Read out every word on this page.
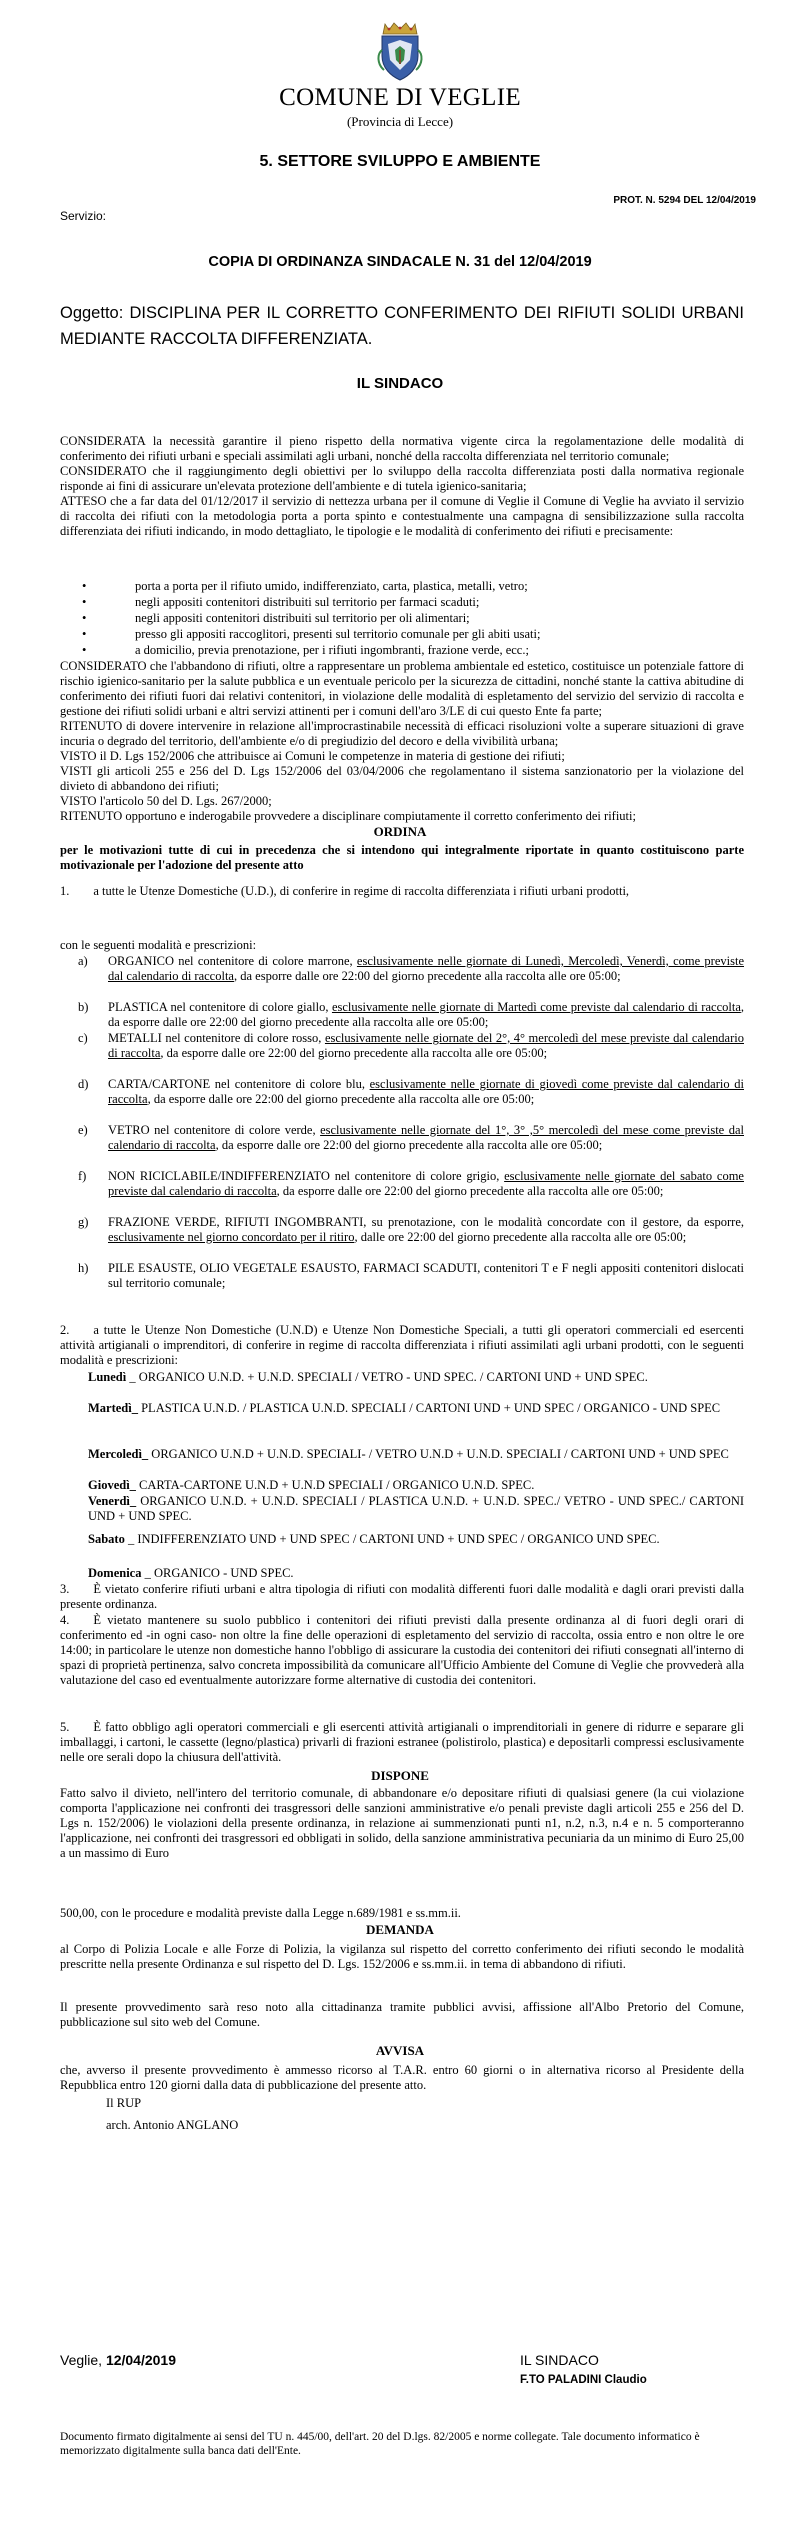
COMUNE DI VEGLIE
(Provincia di Lecce)
5. SETTORE SVILUPPO E AMBIENTE
PROT. N. 5294 DEL 12/04/2019
Servizio:
COPIA DI ORDINANZA SINDACALE N. 31 del 12/04/2019
Oggetto: DISCIPLINA PER IL CORRETTO CONFERIMENTO DEI RIFIUTI SOLIDI URBANI MEDIANTE RACCOLTA DIFFERENZIATA.
IL SINDACO

CONSIDERATA la necessità garantire il pieno rispetto della normativa vigente circa la regolamentazione delle modalità di conferimento dei rifiuti urbani e speciali assimilati agli urbani, nonché della raccolta differenziata nel territorio comunale;

CONSIDERATO che il raggiungimento degli obiettivi per lo sviluppo della raccolta differenziata posti dalla normativa regionale risponde ai fini di assicurare un'elevata protezione dell'ambiente e di tutela igienico-sanitaria;

ATTESO che a far data del 01/12/2017 il servizio di nettezza urbana per il comune di Veglie il Comune di Veglie ha avviato il servizio di raccolta dei rifiuti con la metodologia porta a porta spinto e contestualmente una campagna di sensibilizzazione sulla raccolta differenziata dei rifiuti indicando, in modo dettagliato, le tipologie e le modalità di conferimento dei rifiuti e precisamente:

•	porta a porta per il rifiuto umido, indifferenziato, carta, plastica, metalli, vetro;
•	negli appositi contenitori distribuiti sul territorio per farmaci scaduti;
•	negli appositi contenitori distribuiti sul territorio per oli alimentari;
•	presso gli appositi raccoglitori, presenti sul territorio comunale per gli abiti usati;
•	a domicilio, previa prenotazione, per i rifiuti ingombranti, frazione verde, ecc.;

CONSIDERATO che l'abbandono di rifiuti, oltre a rappresentare un problema ambientale ed estetico, costituisce un potenziale fattore di rischio igienico-sanitario per la salute pubblica e un eventuale pericolo per la sicurezza de cittadini, nonché stante la cattiva abitudine di conferimento dei rifiuti fuori dai relativi contenitori, in violazione delle modalità di espletamento del servizio del servizio di raccolta e gestione dei rifiuti solidi urbani e altri servizi attinenti per i comuni dell'aro 3/LE di cui questo Ente fa parte;

RITENUTO di dovere intervenire in relazione all'improcrastinabile necessità di efficaci risoluzioni volte a superare situazioni di grave incuria o degrado del territorio, dell'ambiente e/o di pregiudizio del decoro e della vivibilità urbana;

VISTO il D. Lgs 152/2006 che attribuisce ai Comuni le competenze in materia di gestione dei rifiuti;

VISTI gli articoli 255 e 256 del D. Lgs 152/2006 del 03/04/2006 che regolamentano il sistema sanzionatorio per la violazione del divieto di abbandono dei rifiuti;

VISTO l'articolo 50 del D. Lgs. 267/2000;

RITENUTO opportuno e inderogabile provvedere a disciplinare compiutamente il corretto conferimento dei rifiuti;

ORDINA
per le motivazioni tutte di cui in precedenza che si intendono qui integralmente riportate in quanto costituiscono parte motivazionale per l'adozione del presente atto
1. a tutte le Utenze Domestiche (U.D.), di conferire in regime di raccolta differenziata i rifiuti urbani prodotti,
con le seguenti modalità e prescrizioni:
a) ORGANICO nel contenitore di colore marrone, esclusivamente nelle giornate di Lunedì, Mercoledì, Venerdì, come previste dal calendario di raccolta, da esporre dalle ore 22:00 del giorno precedente alla raccolta alle ore 05:00;
b) PLASTICA nel contenitore di colore giallo, esclusivamente nelle giornate di Martedì come previste dal calendario di raccolta, da esporre dalle ore 22:00 del giorno precedente alla raccolta alle ore 05:00;
c) METALLI nel contenitore di colore rosso, esclusivamente nelle giornate del 2°, 4° mercoledì del mese previste dal calendario di raccolta, da esporre dalle ore 22:00 del giorno precedente alla raccolta alle ore 05:00;
d) CARTA/CARTONE nel contenitore di colore blu, esclusivamente nelle giornate di giovedì come previste dal calendario di raccolta, da esporre dalle ore 22:00 del giorno precedente alla raccolta alle ore 05:00;
e) VETRO nel contenitore di colore verde, esclusivamente nelle giornate del 1°, 3° ,5° mercoledì del mese come previste dal calendario di raccolta, da esporre dalle ore 22:00 del giorno precedente alla raccolta alle ore 05:00;
f) NON RICICLABILE/INDIFFERENZIATO nel contenitore di colore grigio, esclusivamente nelle giornate del sabato come previste dal calendario di raccolta, da esporre dalle ore 22:00 del giorno precedente alla raccolta alle ore 05:00;
g) FRAZIONE VERDE, RIFIUTI INGOMBRANTI, su prenotazione, con le modalità concordate con il gestore, da esporre, esclusivamente nel giorno concordato per il ritiro, dalle ore 22:00 del giorno precedente alla raccolta alle ore 05:00;
h) PILE ESAUSTE, OLIO VEGETALE ESAUSTO, FARMACI SCADUTI, contenitori T e F negli appositi contenitori dislocati sul territorio comunale;
2. a tutte le Utenze Non Domestiche (U.N.D) e Utenze Non Domestiche Speciali, a tutti gli operatori commerciali ed esercenti attività artigianali o imprenditori, di conferire in regime di raccolta differenziata i rifiuti assimilati agli urbani prodotti, con le seguenti modalità e prescrizioni:
Lunedì _ ORGANICO U.N.D. + U.N.D. SPECIALI / VETRO - UND SPEC. / CARTONI UND + UND SPEC.
Martedì_ PLASTICA U.N.D. / PLASTICA U.N.D. SPECIALI / CARTONI UND + UND SPEC / ORGANICO - UND SPEC
Mercoledì_ ORGANICO U.N.D + U.N.D. SPECIALI- / VETRO U.N.D + U.N.D. SPECIALI / CARTONI UND + UND SPEC
Giovedì_ CARTA-CARTONE U.N.D + U.N.D SPECIALI / ORGANICO U.N.D. SPEC.
Venerdì_ ORGANICO U.N.D. + U.N.D. SPECIALI / PLASTICA U.N.D. + U.N.D. SPEC./ VETRO - UND SPEC./ CARTONI UND + UND SPEC.
Sabato _ INDIFFERENZIATO UND + UND SPEC / CARTONI UND + UND SPEC / ORGANICO UND SPEC.
Domenica _ ORGANICO - UND SPEC.
3. È vietato conferire rifiuti urbani e altra tipologia di rifiuti con modalità differenti fuori dalle modalità e dagli orari previsti dalla presente ordinanza.
4. È vietato mantenere su suolo pubblico i contenitori dei rifiuti previsti dalla presente ordinanza al di fuori degli orari di conferimento ed -in ogni caso- non oltre la fine delle operazioni di espletamento del servizio di raccolta, ossia entro e non oltre le ore 14:00; in particolare le utenze non domestiche hanno l'obbligo di assicurare la custodia dei contenitori dei rifiuti consegnati all'interno di spazi di proprietà pertinenza, salvo concreta impossibilità da comunicare all'Ufficio Ambiente del Comune di Veglie che provvederà alla valutazione del caso ed eventualmente autorizzare forme alternative di custodia dei contenitori.
5. È fatto obbligo agli operatori commerciali e gli esercenti attività artigianali o imprenditoriali in genere di ridurre e separare gli imballaggi, i cartoni, le cassette (legno/plastica) privarli di frazioni estranee (polistirolo, plastica) e depositarli compressi esclusivamente nelle ore serali dopo la chiusura dell'attività.
DISPONE
Fatto salvo il divieto, nell'intero del territorio comunale, di abbandonare e/o depositare rifiuti di qualsiasi genere (la cui violazione comporta l'applicazione nei confronti dei trasgressori delle sanzioni amministrative e/o penali previste dagli articoli 255 e 256 del D. Lgs n. 152/2006) le violazioni della presente ordinanza, in relazione ai summenzionati punti n1, n.2, n.3, n.4 e n. 5 comporteranno l'applicazione, nei confronti dei trasgressori ed obbligati in solido, della sanzione amministrativa pecuniaria da un minimo di Euro 25,00 a un massimo di Euro
500,00, con le procedure e modalità previste dalla Legge n.689/1981 e ss.mm.ii.
DEMANDA
al Corpo di Polizia Locale e alle Forze di Polizia, la vigilanza sul rispetto del corretto conferimento dei rifiuti secondo le modalità prescritte nella presente Ordinanza e sul rispetto del D. Lgs. 152/2006 e ss.mm.ii. in tema di abbandono di rifiuti.
Il presente provvedimento sarà reso noto alla cittadinanza tramite pubblici avvisi, affissione all'Albo Pretorio del Comune, pubblicazione sul sito web del Comune.
AVVISA
che, avverso il presente provvedimento è ammesso ricorso al T.A.R. entro 60 giorni o in alternativa ricorso al Presidente della Repubblica entro 120 giorni dalla data di pubblicazione del presente atto.
Il RUP
arch. Antonio ANGLANO
Veglie, 12/04/2019	IL SINDACO
F.TO PALADINI Claudio
Documento firmato digitalmente ai sensi del TU n. 445/00, dell'art. 20 del D.lgs. 82/2005 e norme collegate. Tale documento informatico è memorizzato digitalmente sulla banca dati dell'Ente.
